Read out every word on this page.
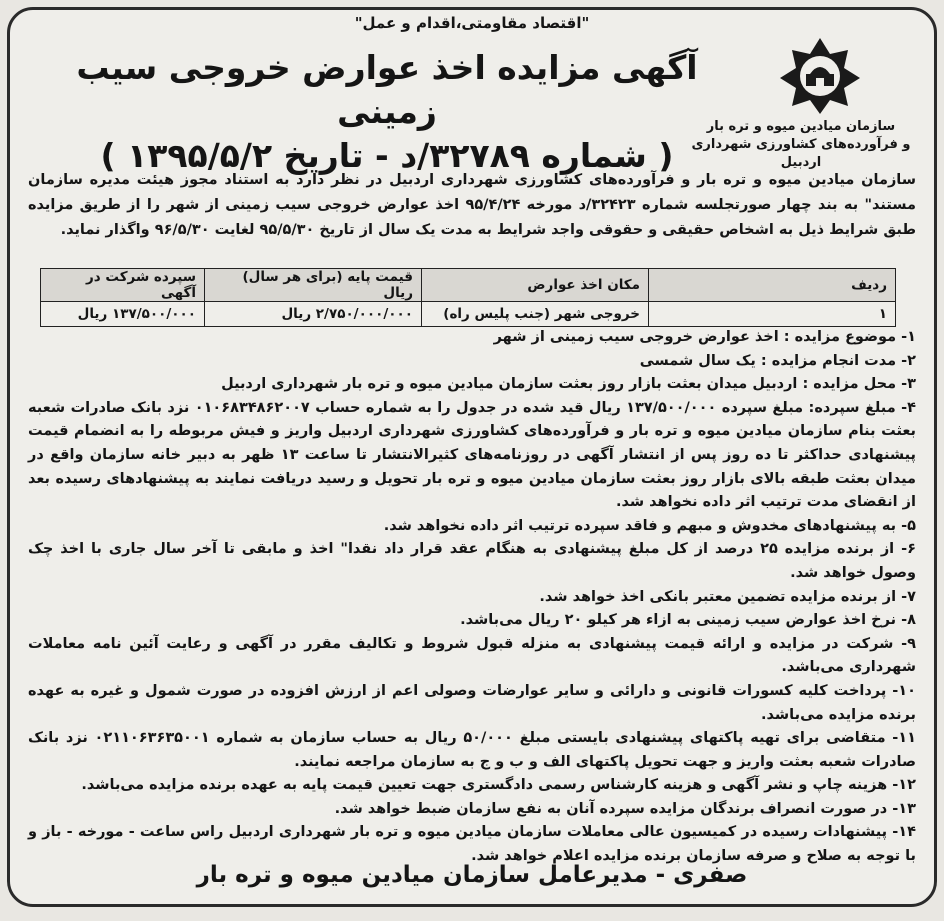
"اقتصاد مقاومتی،اقدام و عمل"
سازمان میادین میوه و تره بار
و فرآورده‌های کشاورزی شهرداری اردبیل
آگهی مزایده اخذ عوارض خروجی سیب زمینی
( شماره ۳۲۷۸۹/د - تاریخ ۱۳۹۵/۵/۲ )
سازمان میادین میوه و تره بار و فرآورده‌های کشاورزی شهرداری اردبیل در نظر دارد به استناد مجوز هیئت مدیره سازمان مستند" به بند چهار صورتجلسه شماره ۳۲۴۲۳/د مورخه ۹۵/۴/۲۴ اخذ عوارض خروجی سیب زمینی از شهر را از طریق مزایده طبق شرایط ذیل به اشخاص حقیقی و حقوقی واجد شرایط به مدت یک سال از تاریخ ۹۵/۵/۳۰ لغایت ۹۶/۵/۳۰ واگذار نماید.
ردیف	مکان اخذ عوارض	قیمت پایه (برای هر سال) ریال	سپرده شرکت در آگهی
۱	خروجی شهر (جنب پلیس راه)	۲/۷۵۰/۰۰۰/۰۰۰ ریال	۱۳۷/۵۰۰/۰۰۰ ریال
۱- موضوع مزایده : اخذ عوارض خروجی سیب زمینی از شهر
۲- مدت انجام مزایده : یک سال شمسی
۳- محل مزایده : اردبیل میدان بعثت بازار روز بعثت سازمان میادین میوه و تره بار شهرداری اردبیل
۴- مبلغ سپرده: مبلغ سپرده ۱۳۷/۵۰۰/۰۰۰ ریال قید شده در جدول را به شماره حساب ۰۱۰۶۸۳۴۸۶۲۰۰۷ نزد بانک صادرات شعبه بعثت بنام سازمان میادین میوه و تره بار و فرآورده‌های کشاورزی شهرداری اردبیل واریز و فیش مربوطه را به انضمام قیمت پیشنهادی حداکثر تا ده روز پس از انتشار آگهی در روزنامه‌های کثیرالانتشار تا ساعت ۱۳ ظهر به دبیر خانه سازمان واقع در میدان بعثت طبقه بالای بازار روز بعثت سازمان میادین میوه و تره بار تحویل و رسید دریافت نمایند به پیشنهادهای رسیده بعد از انقضای مدت ترتیب اثر داده نخواهد شد.
۵- به پیشنهادهای مخدوش و مبهم و فاقد سپرده ترتیب اثر داده نخواهد شد.
۶- از برنده مزایده ۲۵ درصد از کل مبلغ پیشنهادی به هنگام عقد قرار داد نقدا" اخذ و مابقی تا آخر سال جاری با اخذ چک وصول خواهد شد.
۷- از برنده مزایده تضمین معتبر بانکی اخذ خواهد شد.
۸- نرخ اخذ عوارض سیب زمینی به ازاء هر کیلو ۲۰ ریال می‌باشد.
۹- شرکت در مزایده و ارائه قیمت پیشنهادی به منزله قبول شروط و تکالیف مقرر در آگهی و رعایت آئین نامه معاملات شهرداری می‌باشد.
۱۰- پرداخت کلیه کسورات قانونی و دارائی و سایر عوارضات وصولی اعم از ارزش افزوده در صورت شمول و غیره به عهده برنده مزایده می‌باشد.
۱۱- متقاضی برای تهیه پاکتهای پیشنهادی بایستی مبلغ ۵۰/۰۰۰ ریال به حساب سازمان به شماره ۰۲۱۱۰۶۳۶۳۵۰۰۱ نزد بانک صادرات شعبه بعثت واریز و جهت تحویل پاکتهای الف و ب و ج به سازمان مراجعه نمایند.
۱۲- هزینه چاپ و نشر آگهی و هزینه کارشناس رسمی دادگستری جهت تعیین قیمت پایه به عهده برنده مزایده می‌باشد.
۱۳- در صورت انصراف برندگان مزایده سپرده آنان به نفع سازمان ضبط خواهد شد.
۱۴- پیشنهادات رسیده در کمیسیون عالی معاملات سازمان میادین میوه و تره بار شهرداری اردبیل راس ساعت - مورخه - باز و با توجه به صلاح و صرفه سازمان برنده مزایده اعلام خواهد شد.
صفری - مدیرعامل سازمان میادین میوه و تره بار
